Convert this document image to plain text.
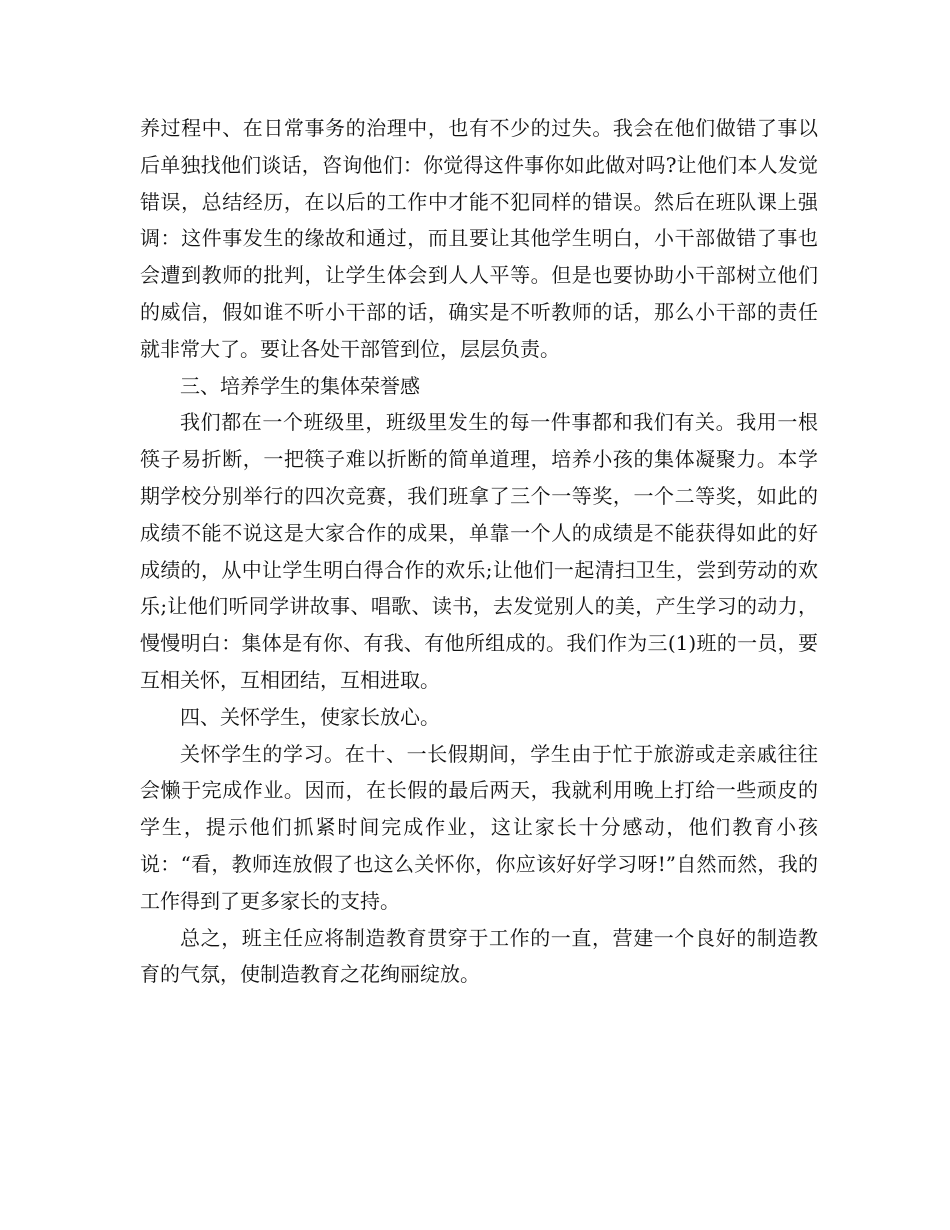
养过程中、在日常事务的治理中，也有不少的过失。我会在他们做错了事以后单独找他们谈话，咨询他们：你觉得这件事你如此做对吗?让他们本人发觉错误，总结经历，在以后的工作中才能不犯同样的错误。然后在班队课上强调：这件事发生的缘故和通过，而且要让其他学生明白，小干部做错了事也会遭到教师的批判，让学生体会到人人平等。但是也要协助小干部树立他们的威信，假如谁不听小干部的话，确实是不听教师的话，那么小干部的责任就非常大了。要让各处干部管到位，层层负责。

三、培养学生的集体荣誉感

我们都在一个班级里，班级里发生的每一件事都和我们有关。我用一根筷子易折断，一把筷子难以折断的简单道理，培养小孩的集体凝聚力。本学期学校分别举行的四次竞赛，我们班拿了三个一等奖，一个二等奖，如此的成绩不能不说这是大家合作的成果，单靠一个人的成绩是不能获得如此的好成绩的，从中让学生明白得合作的欢乐;让他们一起清扫卫生，尝到劳动的欢乐;让他们听同学讲故事、唱歌、读书，去发觉别人的美，产生学习的动力，慢慢明白：集体是有你、有我、有他所组成的。我们作为三(1)班的一员，要互相关怀，互相团结，互相进取。

四、关怀学生，使家长放心。

关怀学生的学习。在十、一长假期间，学生由于忙于旅游或走亲戚往往会懒于完成作业。因而，在长假的最后两天，我就利用晚上打给一些顽皮的学生，提示他们抓紧时间完成作业，这让家长十分感动，他们教育小孩说：“看，教师连放假了也这么关怀你，你应该好好学习呀!”自然而然，我的工作得到了更多家长的支持。

总之，班主任应将制造教育贯穿于工作的一直，营建一个良好的制造教育的气氛，使制造教育之花绚丽绽放。
